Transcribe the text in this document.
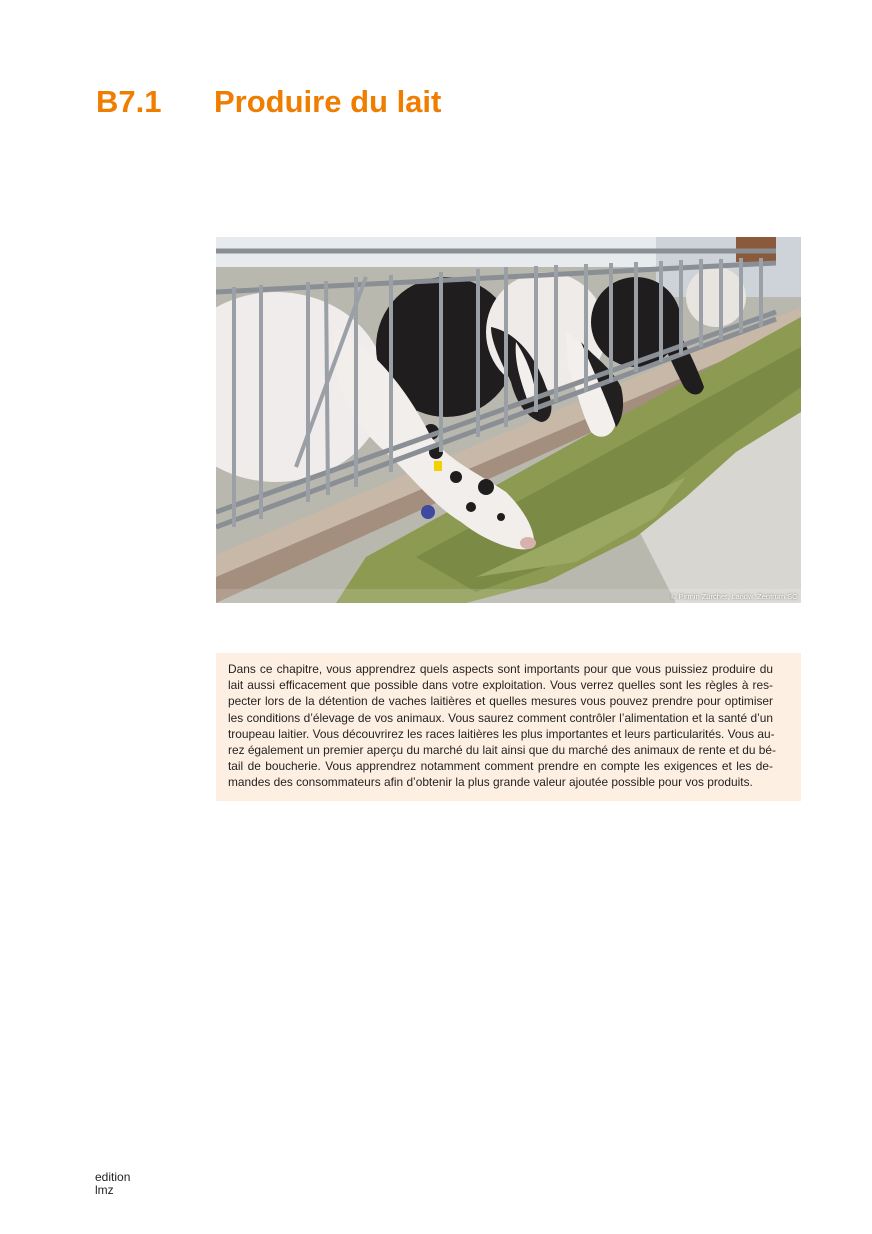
B7.1 Produire du lait
© Pirmin Zürcher, Landw. Zentrum SG
Dans ce chapitre, vous apprendrez quels aspects sont importants pour que vous puissiez produire du
lait aussi efficacement que possible dans votre exploitation. Vous verrez quelles sont les règles à res-
pecter lors de la détention de vaches laitières et quelles mesures vous pouvez prendre pour optimiser
les conditions d’élevage de vos animaux. Vous saurez comment contrôler l’alimentation et la santé d’un
troupeau laitier. Vous découvrirez les races laitières les plus importantes et leurs particularités. Vous au-
rez également un premier aperçu du marché du lait ainsi que du marché des animaux de rente et du bé-
tail de boucherie. Vous apprendrez notamment comment prendre en compte les exigences et les de-
mandes des consommateurs afin d’obtenir la plus grande valeur ajoutée possible pour vos produits.
edition
lmz
